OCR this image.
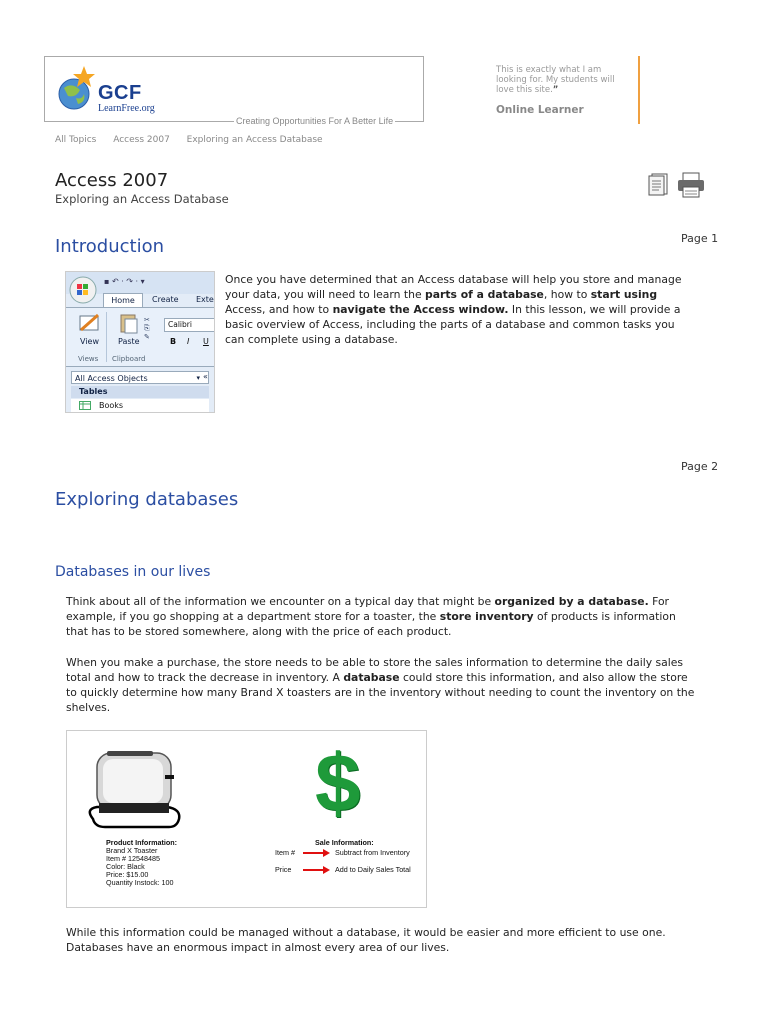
GCF
LearnFree.org
Creating Opportunities For A Better Life
This is exactly what I am looking for. My students will love this site.”
Online Learner
All Topics Access 2007 Exploring an Access Database
Access 2007
Exploring an Access Database
Introduction	Page 1
▪ ↶ · ↷ · ▾
Home	Create Exte
View Paste
✂
⎘
✎
Views Clipboard
Calibri
B I U
All Access Objects	▾ «
Tables
Books
Once you have determined that an Access database will help you store and manage your data, you will need to learn the parts of a database, how to start using Access, and how to navigate the Access window. In this lesson, we will provide a basic overview of Access, including the parts of a database and common tasks you can complete using a database.
Page 2
Exploring databases
Databases in our lives
Think about all of the information we encounter on a typical day that might be organized by a database. For example, if you go shopping at a department store for a toaster, the store inventory of products is information that has to be stored somewhere, along with the price of each product.
When you make a purchase, the store needs to be able to store the sales information to determine the daily sales total and how to track the decrease in inventory. A database could store this information, and also allow the store to quickly determine how many Brand X toasters are in the inventory without needing to count the inventory on the shelves.
$
Product Information:
Brand X Toaster
Item # 12548485
Color: Black
Price: $15.00
Quantity Instock: 100
Sale Information:
Item #	Subtract from Inventory
Price	Add to Daily Sales Total
While this information could be managed without a database, it would be easier and more efficient to use one. Databases have an enormous impact in almost every area of our lives.
